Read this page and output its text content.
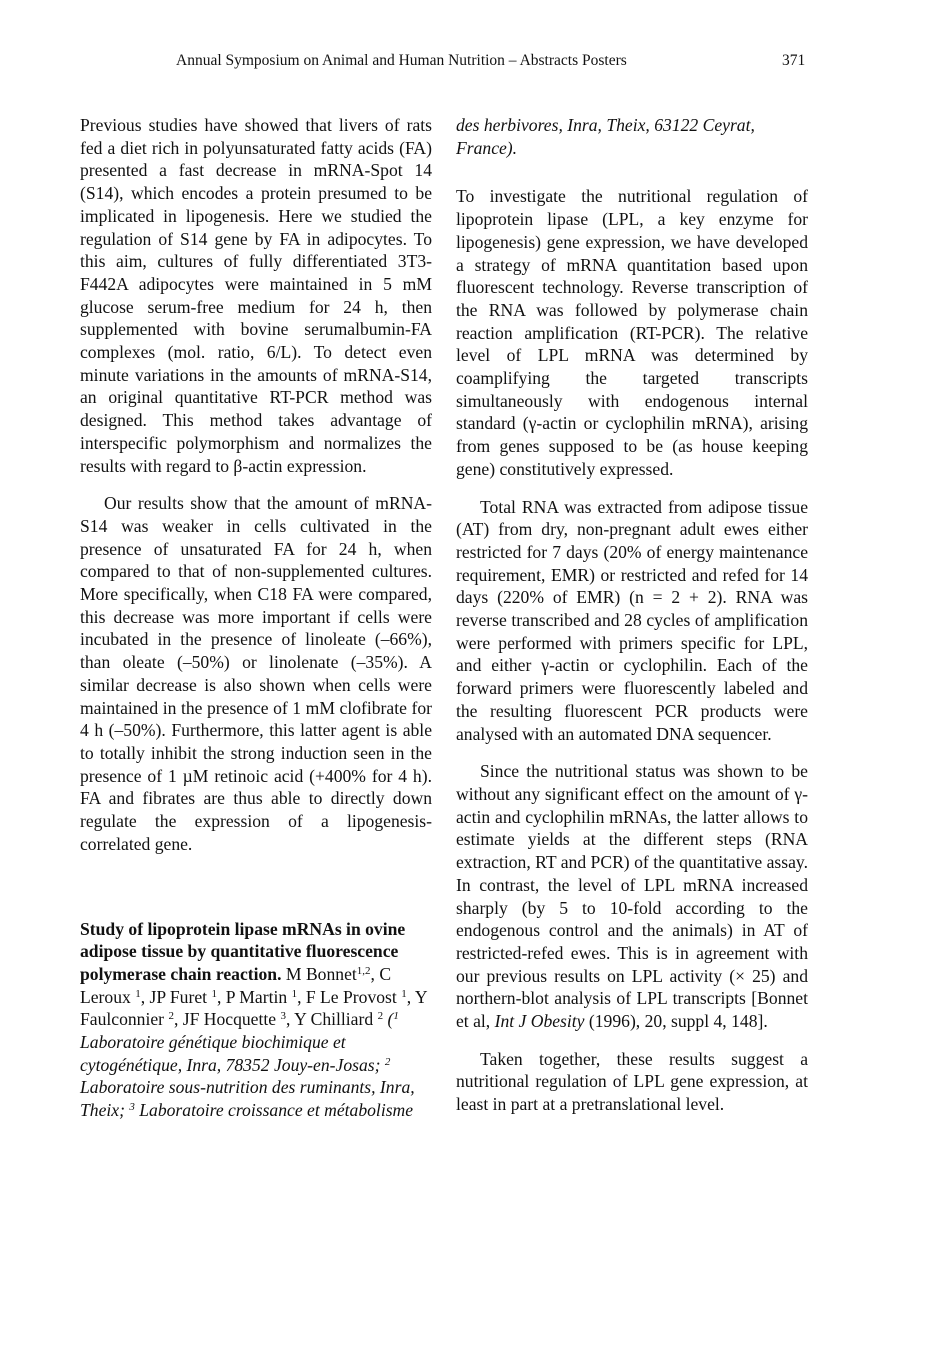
Annual Symposium on Animal and Human Nutrition – Abstracts Posters	371

Previous studies have showed that livers of rats fed a diet rich in polyunsaturated fatty acids (FA) presented a fast decrease in mRNA-Spot 14 (S14), which encodes a protein presumed to be implicated in lipogenesis. Here we studied the regulation of S14 gene by FA in adipocytes. To this aim, cultures of fully differentiated 3T3-F442A adipocytes were maintained in 5 mM glucose serum-free medium for 24 h, then supplemented with bovine serumalbumin-FA complexes (mol. ratio, 6/L). To detect even minute variations in the amounts of mRNA-S14, an original quantitative RT-PCR method was designed. This method takes advantage of interspecific polymorphism and normalizes the results with regard to β-actin expression.

Our results show that the amount of mRNA-S14 was weaker in cells cultivated in the presence of unsaturated FA for 24 h, when compared to that of non-supplemented cultures. More specifically, when C18 FA were compared, this decrease was more important if cells were incubated in the presence of linoleate (–66%), than oleate (–50%) or linolenate (–35%). A similar decrease is also shown when cells were maintained in the presence of 1 mM clofibrate for 4 h (–50%). Furthermore, this latter agent is able to totally inhibit the strong induction seen in the presence of 1 µM retinoic acid (+400% for 4 h). FA and fibrates are thus able to directly down regulate the expression of a lipogenesis-correlated gene.

Study of lipoprotein lipase mRNAs in ovine adipose tissue by quantitative fluorescence polymerase chain reaction. M Bonnet$^{1,2}$, C Leroux $^1$, JP Furet $^1$, P Martin $^1$, F Le Provost $^1$, Y Faulconnier $^2$, JF Hocquette $^3$, Y Chilliard $^2$ ($^1$ Laboratoire génétique biochimique et cytogénétique, Inra, 78352 Jouy-en-Josas; $^2$ Laboratoire sous-nutrition des ruminants, Inra, Theix; $^3$ Laboratoire croissance et métabolisme

des herbivores, Inra, Theix, 63122 Ceyrat, France).

To investigate the nutritional regulation of lipoprotein lipase (LPL, a key enzyme for lipogenesis) gene expression, we have developed a strategy of mRNA quantitation based upon fluorescent technology. Reverse transcription of the RNA was followed by polymerase chain reaction amplification (RT-PCR). The relative level of LPL mRNA was determined by coamplifying the targeted transcripts simultaneously with endogenous internal standard (γ-actin or cyclophilin mRNA), arising from genes supposed to be (as house keeping gene) constitutively expressed.

Total RNA was extracted from adipose tissue (AT) from dry, non-pregnant adult ewes either restricted for 7 days (20% of energy maintenance requirement, EMR) or restricted and refed for 14 days (220% of EMR) (n = 2 + 2). RNA was reverse transcribed and 28 cycles of amplification were performed with primers specific for LPL, and either γ-actin or cyclophilin. Each of the forward primers were fluorescently labeled and the resulting fluorescent PCR products were analysed with an automated DNA sequencer.

Since the nutritional status was shown to be without any significant effect on the amount of γ-actin and cyclophilin mRNAs, the latter allows to estimate yields at the different steps (RNA extraction, RT and PCR) of the quantitative assay. In contrast, the level of LPL mRNA increased sharply (by 5 to 10-fold according to the endogenous control and the animals) in AT of restricted-refed ewes. This is in agreement with our previous results on LPL activity (× 25) and northern-blot analysis of LPL transcripts [Bonnet et al, Int J Obesity (1996), 20, suppl 4, 148].

Taken together, these results suggest a nutritional regulation of LPL gene expression, at least in part at a pretranslational level.
